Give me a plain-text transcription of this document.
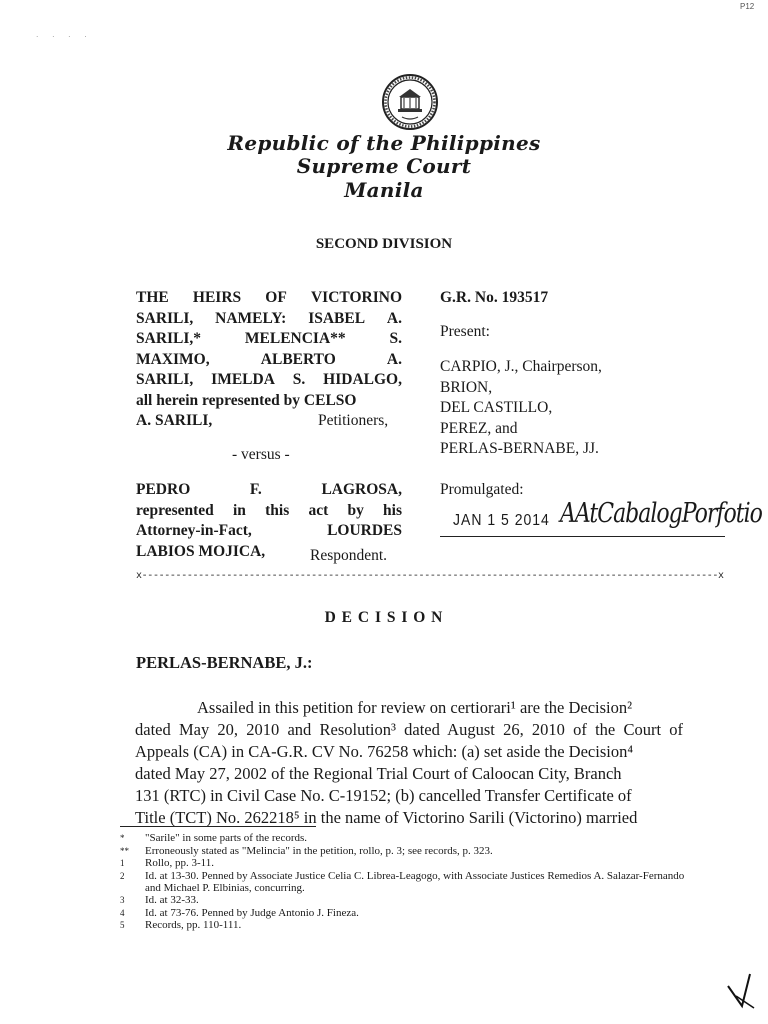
P12
· · · ·
Republic of the Philippines
Supreme Court
Manila
SECOND DIVISION
THE HEIRS OF VICTORINO
SARILI, NAMELY: ISABEL A.
SARILI,*	MELENCIA**	S.
MAXIMO,	ALBERTO	A.
SARILI, IMELDA S. HIDALGO,
all herein represented by CELSO
A. SARILI,	Petitioners,
- versus -
PEDRO	F.	LAGROSA,
represented in this act by his
Attorney-in-Fact,	LOURDES
LABIOS MOJICA,	Respondent.
G.R. No. 193517
Present:
CARPIO, J., Chairperson,
BRION,
DEL CASTILLO,
PEREZ, and
PERLAS-BERNABE, JJ.
Promulgated:
JAN 1 5 2014 AAtCabalogPorfotio
x------------------------------------------------------------------------------------------------------x
D E C I S I O N
PERLAS-BERNABE, J.:
Assailed in this petition for review on certiorari¹ are the Decision²
dated May 20, 2010 and Resolution³ dated August 26, 2010 of the Court of
Appeals (CA) in CA-G.R. CV No. 76258 which: (a) set aside the Decision⁴
dated May 27, 2002 of the Regional Trial Court of Caloocan City, Branch
131 (RTC) in Civil Case No. C-19152; (b) cancelled Transfer Certificate of
Title (TCT) No. 262218⁵ in the name of Victorino Sarili (Victorino) married
*	"Sarile" in some parts of the records.
**	Erroneously stated as "Melincia" in the petition, rollo, p. 3; see records, p. 323.
1	Rollo, pp. 3-11.
2	Id. at 13-30. Penned by Associate Justice Celia C. Librea-Leagogo, with Associate Justices Remedios A. Salazar-Fernando and Michael P. Elbinias, concurring.
3	Id. at 32-33.
4	Id. at 73-76. Penned by Judge Antonio J. Fineza.
5	Records, pp. 110-111.
